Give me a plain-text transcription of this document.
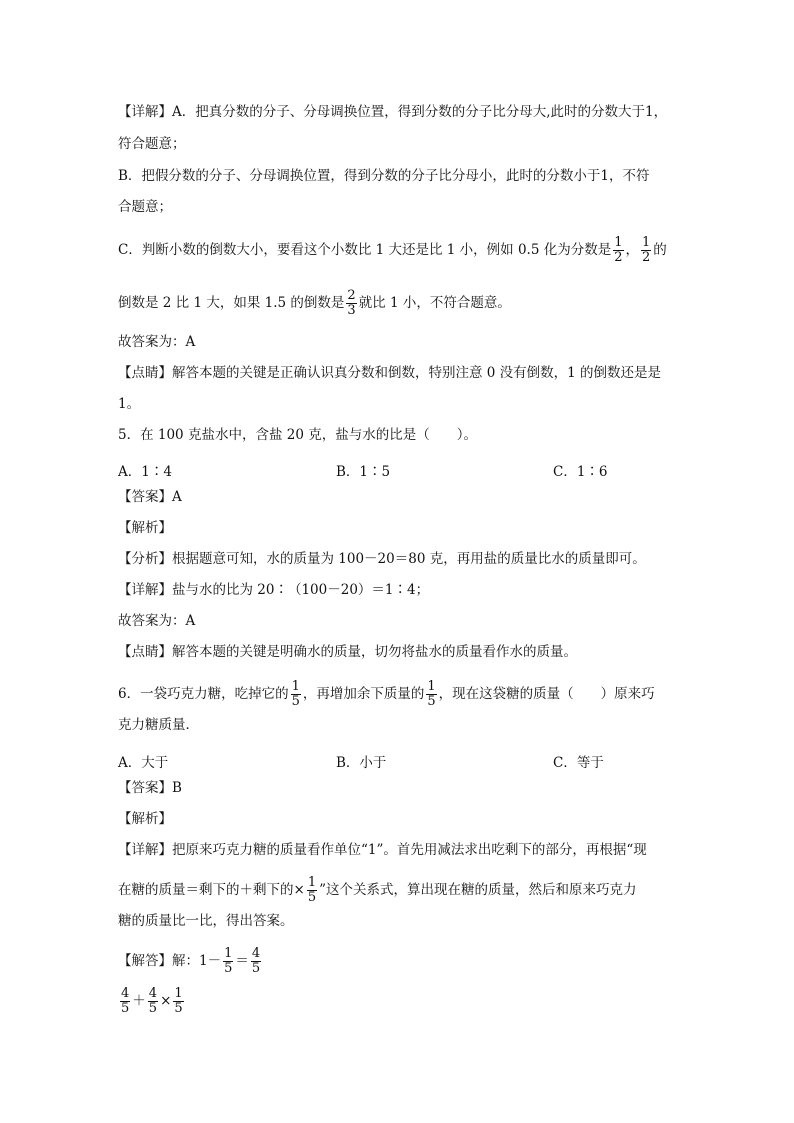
【详解】A．把真分数的分子、分母调换位置，得到分数的分子比分母大,此时的分数大于1，
符合题意；
B．把假分数的分子、分母调换位置，得到分数的分子比分母小，此时的分数小于1，不符
合题意；
C．判断小数的倒数大小，要看这个小数比 1 大还是比 1 小，例如 0.5 化为分数是 $\frac{1}{2}$ ， $\frac{1}{2}$ 的
倒数是 2 比 1 大，如果 1.5 的倒数是 $\frac{2}{3}$ 就比 1 小，不符合题意。
故答案为：A
【点睛】解答本题的关键是正确认识真分数和倒数，特别注意 0 没有倒数，1 的倒数还是是
1。
5．在 100 克盐水中，含盐 20 克，盐与水的比是（　　）。
A．1∶4	B．1∶5	C．1∶6
【答案】A
【解析】
【分析】根据题意可知，水的质量为 100－20＝80 克，再用盐的质量比水的质量即可。
【详解】盐与水的比为 20∶（100－20）＝1∶4；
故答案为：A
【点睛】解答本题的关键是明确水的质量，切勿将盐水的质量看作水的质量。
6．一袋巧克力糖，吃掉它的 $\frac{1}{5}$ ，再增加余下质量的 $\frac{1}{5}$ ，现在这袋糖的质量（　　）原来巧
克力糖质量．
A．大于	B．小于	C．等于
【答案】B
【解析】
【详解】把原来巧克力糖的质量看作单位“1”。首先用减法求出吃剩下的部分，再根据“现
在糖的质量＝剩下的＋剩下的× $\frac{1}{5}$ ”这个关系式，算出现在糖的质量，然后和原来巧克力
糖的质量比一比，得出答案。
【解答】解：$1- \frac{1}{5} = \frac{4}{5}$
$\frac{4}{5} + \frac{4}{5} \times \frac{1}{5}$
